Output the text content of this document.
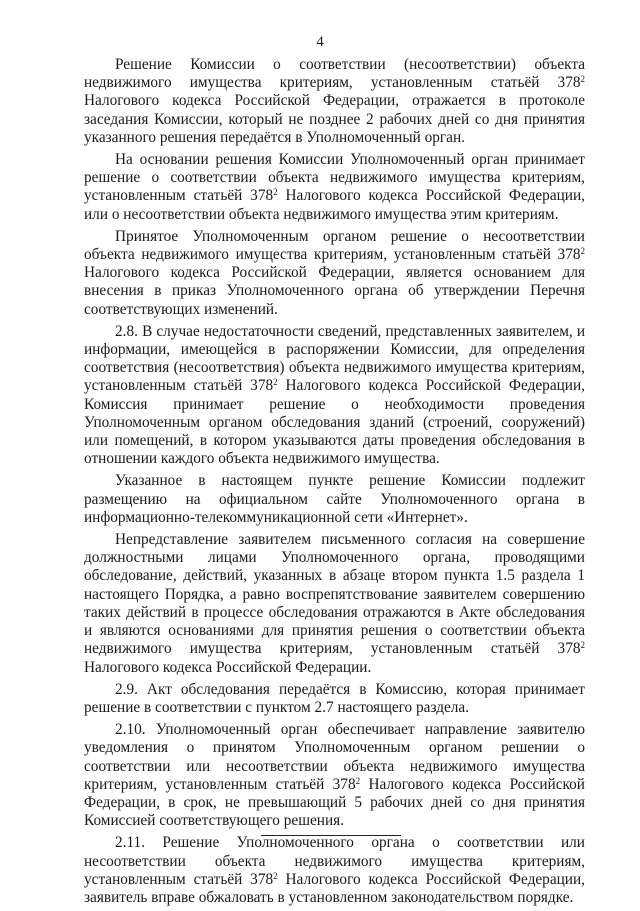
4

Решение Комиссии о соответствии (несоответствии) объекта недвижимого имущества критериям, установленным статьёй $378^2$ Налогового кодекса Российской Федерации, отражается в протоколе заседания Комиссии, который не позднее 2 рабочих дней со дня принятия указанного решения передаётся в Уполномоченный орган.

На основании решения Комиссии Уполномоченный орган принимает решение о соответствии объекта недвижимого имущества критериям, установленным статьёй $378^2$ Налогового кодекса Российской Федерации, или о несоответствии объекта недвижимого имущества этим критериям.

Принятое Уполномоченным органом решение о несоответствии объекта недвижимого имущества критериям, установленным статьёй $378^2$ Налогового кодекса Российской Федерации, является основанием для внесения в приказ Уполномоченного органа об утверждении Перечня соответствующих изменений.

2.8. В случае недостаточности сведений, представленных заявителем, и информации, имеющейся в распоряжении Комиссии, для определения соответствия (несоответствия) объекта недвижимого имущества критериям, установленным статьёй $378^2$ Налогового кодекса Российской Федерации, Комиссия принимает решение о необходимости проведения Уполномоченным органом обследования зданий (строений, сооружений) или помещений, в котором указываются даты проведения обследования в отношении каждого объекта недвижимого имущества.

Указанное в настоящем пункте решение Комиссии подлежит размещению на официальном сайте Уполномоченного органа в информационно-телекоммуникационной сети «Интернет».

Непредставление заявителем письменного согласия на совершение должностными лицами Уполномоченного органа, проводящими обследование, действий, указанных в абзаце втором пункта 1.5 раздела 1 настоящего Порядка, а равно воспрепятствование заявителем совершению таких действий в процессе обследования отражаются в Акте обследования и являются основаниями для принятия решения о соответствии объекта недвижимого имущества критериям, установленным статьёй $378^2$ Налогового кодекса Российской Федерации.

2.9. Акт обследования передаётся в Комиссию, которая принимает решение в соответствии с пунктом 2.7 настоящего раздела.

2.10. Уполномоченный орган обеспечивает направление заявителю уведомления о принятом Уполномоченным органом решении о соответствии или несоответствии объекта недвижимого имущества критериям, установленным статьёй $378^2$ Налогового кодекса Российской Федерации, в срок, не превышающий 5 рабочих дней со дня принятия Комиссией соответствующего решения.

2.11. Решение Уполномоченного органа о соответствии или несоответствии объекта недвижимого имущества критериям, установленным статьёй $378^2$ Налогового кодекса Российской Федерации, заявитель вправе обжаловать в установленном законодательством порядке.
